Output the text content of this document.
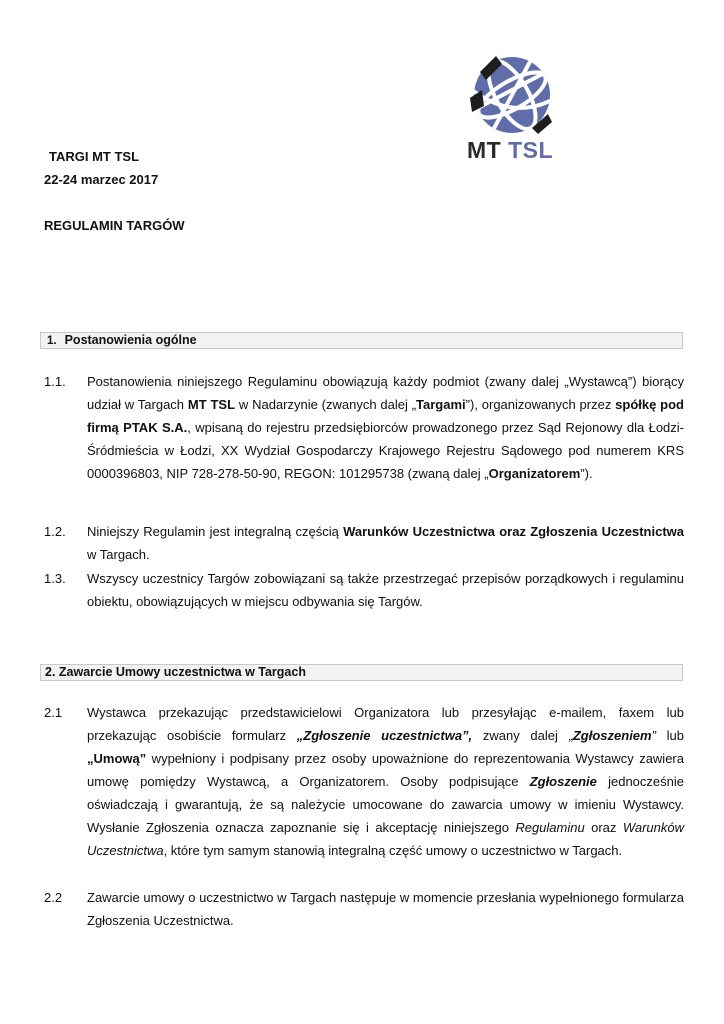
MT TSL
TARGI MT TSL
22-24 marzec 2017
REGULAMIN TARGÓW
1. Postanowienia ogólne
1.1. Postanowienia niniejszego Regulaminu obowiązują każdy podmiot (zwany dalej „Wystawcą”) biorący udział w Targach MT TSL w Nadarzynie (zwanych dalej „Targami”), organizowanych przez spółkę pod firmą PTAK S.A., wpisaną do rejestru przedsiębiorców prowadzonego przez Sąd Rejonowy dla Łodzi-Śródmieścia w Łodzi, XX Wydział Gospodarczy Krajowego Rejestru Sądowego pod numerem KRS 0000396803, NIP 728-278-50-90, REGON: 101295738 (zwaną dalej „Organizatorem”).
1.2. Niniejszy Regulamin jest integralną częścią Warunków Uczestnictwa oraz Zgłoszenia Uczestnictwa w Targach.
1.3. Wszyscy uczestnicy Targów zobowiązani są także przestrzegać przepisów porządkowych i regulaminu obiektu, obowiązujących w miejscu odbywania się Targów.
2. Zawarcie Umowy uczestnictwa w Targach
2.1 Wystawca przekazując przedstawicielowi Organizatora lub przesyłając e-mailem, faxem lub przekazując osobiście formularz „Zgłoszenie uczestnictwa”, zwany dalej „Zgłoszeniem” lub „Umową” wypełniony i podpisany przez osoby upoważnione do reprezentowania Wystawcy zawiera umowę pomiędzy Wystawcą, a Organizatorem. Osoby podpisujące Zgłoszenie jednocześnie oświadczają i gwarantują, że są należycie umocowane do zawarcia umowy w imieniu Wystawcy. Wysłanie Zgłoszenia oznacza zapoznanie się i akceptację niniejszego Regulaminu oraz Warunków Uczestnictwa, które tym samym stanowią integralną część umowy o uczestnictwo w Targach.
2.2 Zawarcie umowy o uczestnictwo w Targach następuje w momencie przesłania wypełnionego formularza Zgłoszenia Uczestnictwa.
